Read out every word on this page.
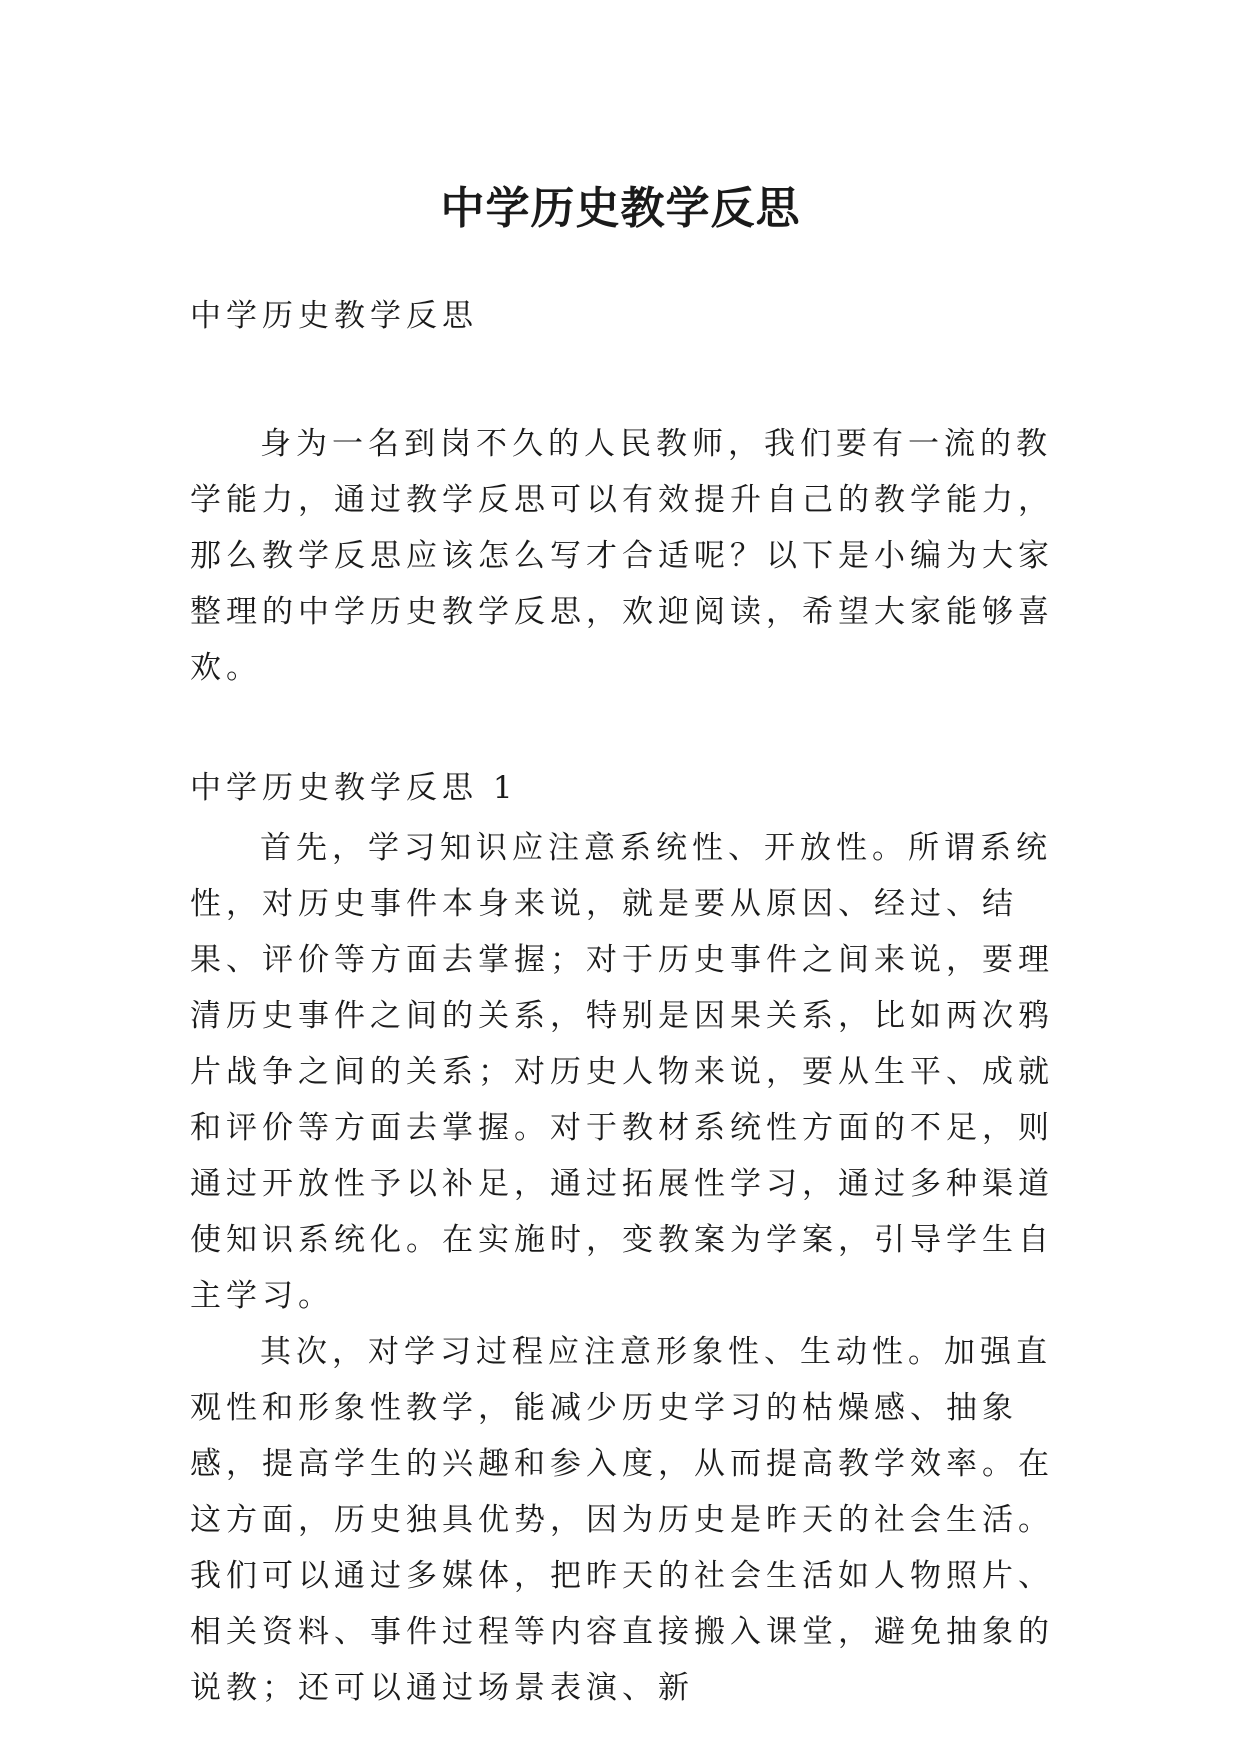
中学历史教学反思

中学历史教学反思

身为一名到岗不久的人民教师，我们要有一流的教学能力，通过教学反思可以有效提升自己的教学能力，那么教学反思应该怎么写才合适呢？以下是小编为大家整理的中学历史教学反思，欢迎阅读，希望大家能够喜欢。

中学历史教学反思 1

首先，学习知识应注意系统性、开放性。所谓系统性，对历史事件本身来说，就是要从原因、经过、结果、评价等方面去掌握；对于历史事件之间来说，要理清历史事件之间的关系，特别是因果关系，比如两次鸦片战争之间的关系；对历史人物来说，要从生平、成就和评价等方面去掌握。对于教材系统性方面的不足，则通过开放性予以补足，通过拓展性学习，通过多种渠道使知识系统化。在实施时，变教案为学案，引导学生自主学习。

其次，对学习过程应注意形象性、生动性。加强直观性和形象性教学，能减少历史学习的枯燥感、抽象感，提高学生的兴趣和参入度，从而提高教学效率。在这方面，历史独具优势，因为历史是昨天的社会生活。我们可以通过多媒体，把昨天的社会生活如人物照片、相关资料、事件过程等内容直接搬入课堂，避免抽象的说教；还可以通过场景表演、新
